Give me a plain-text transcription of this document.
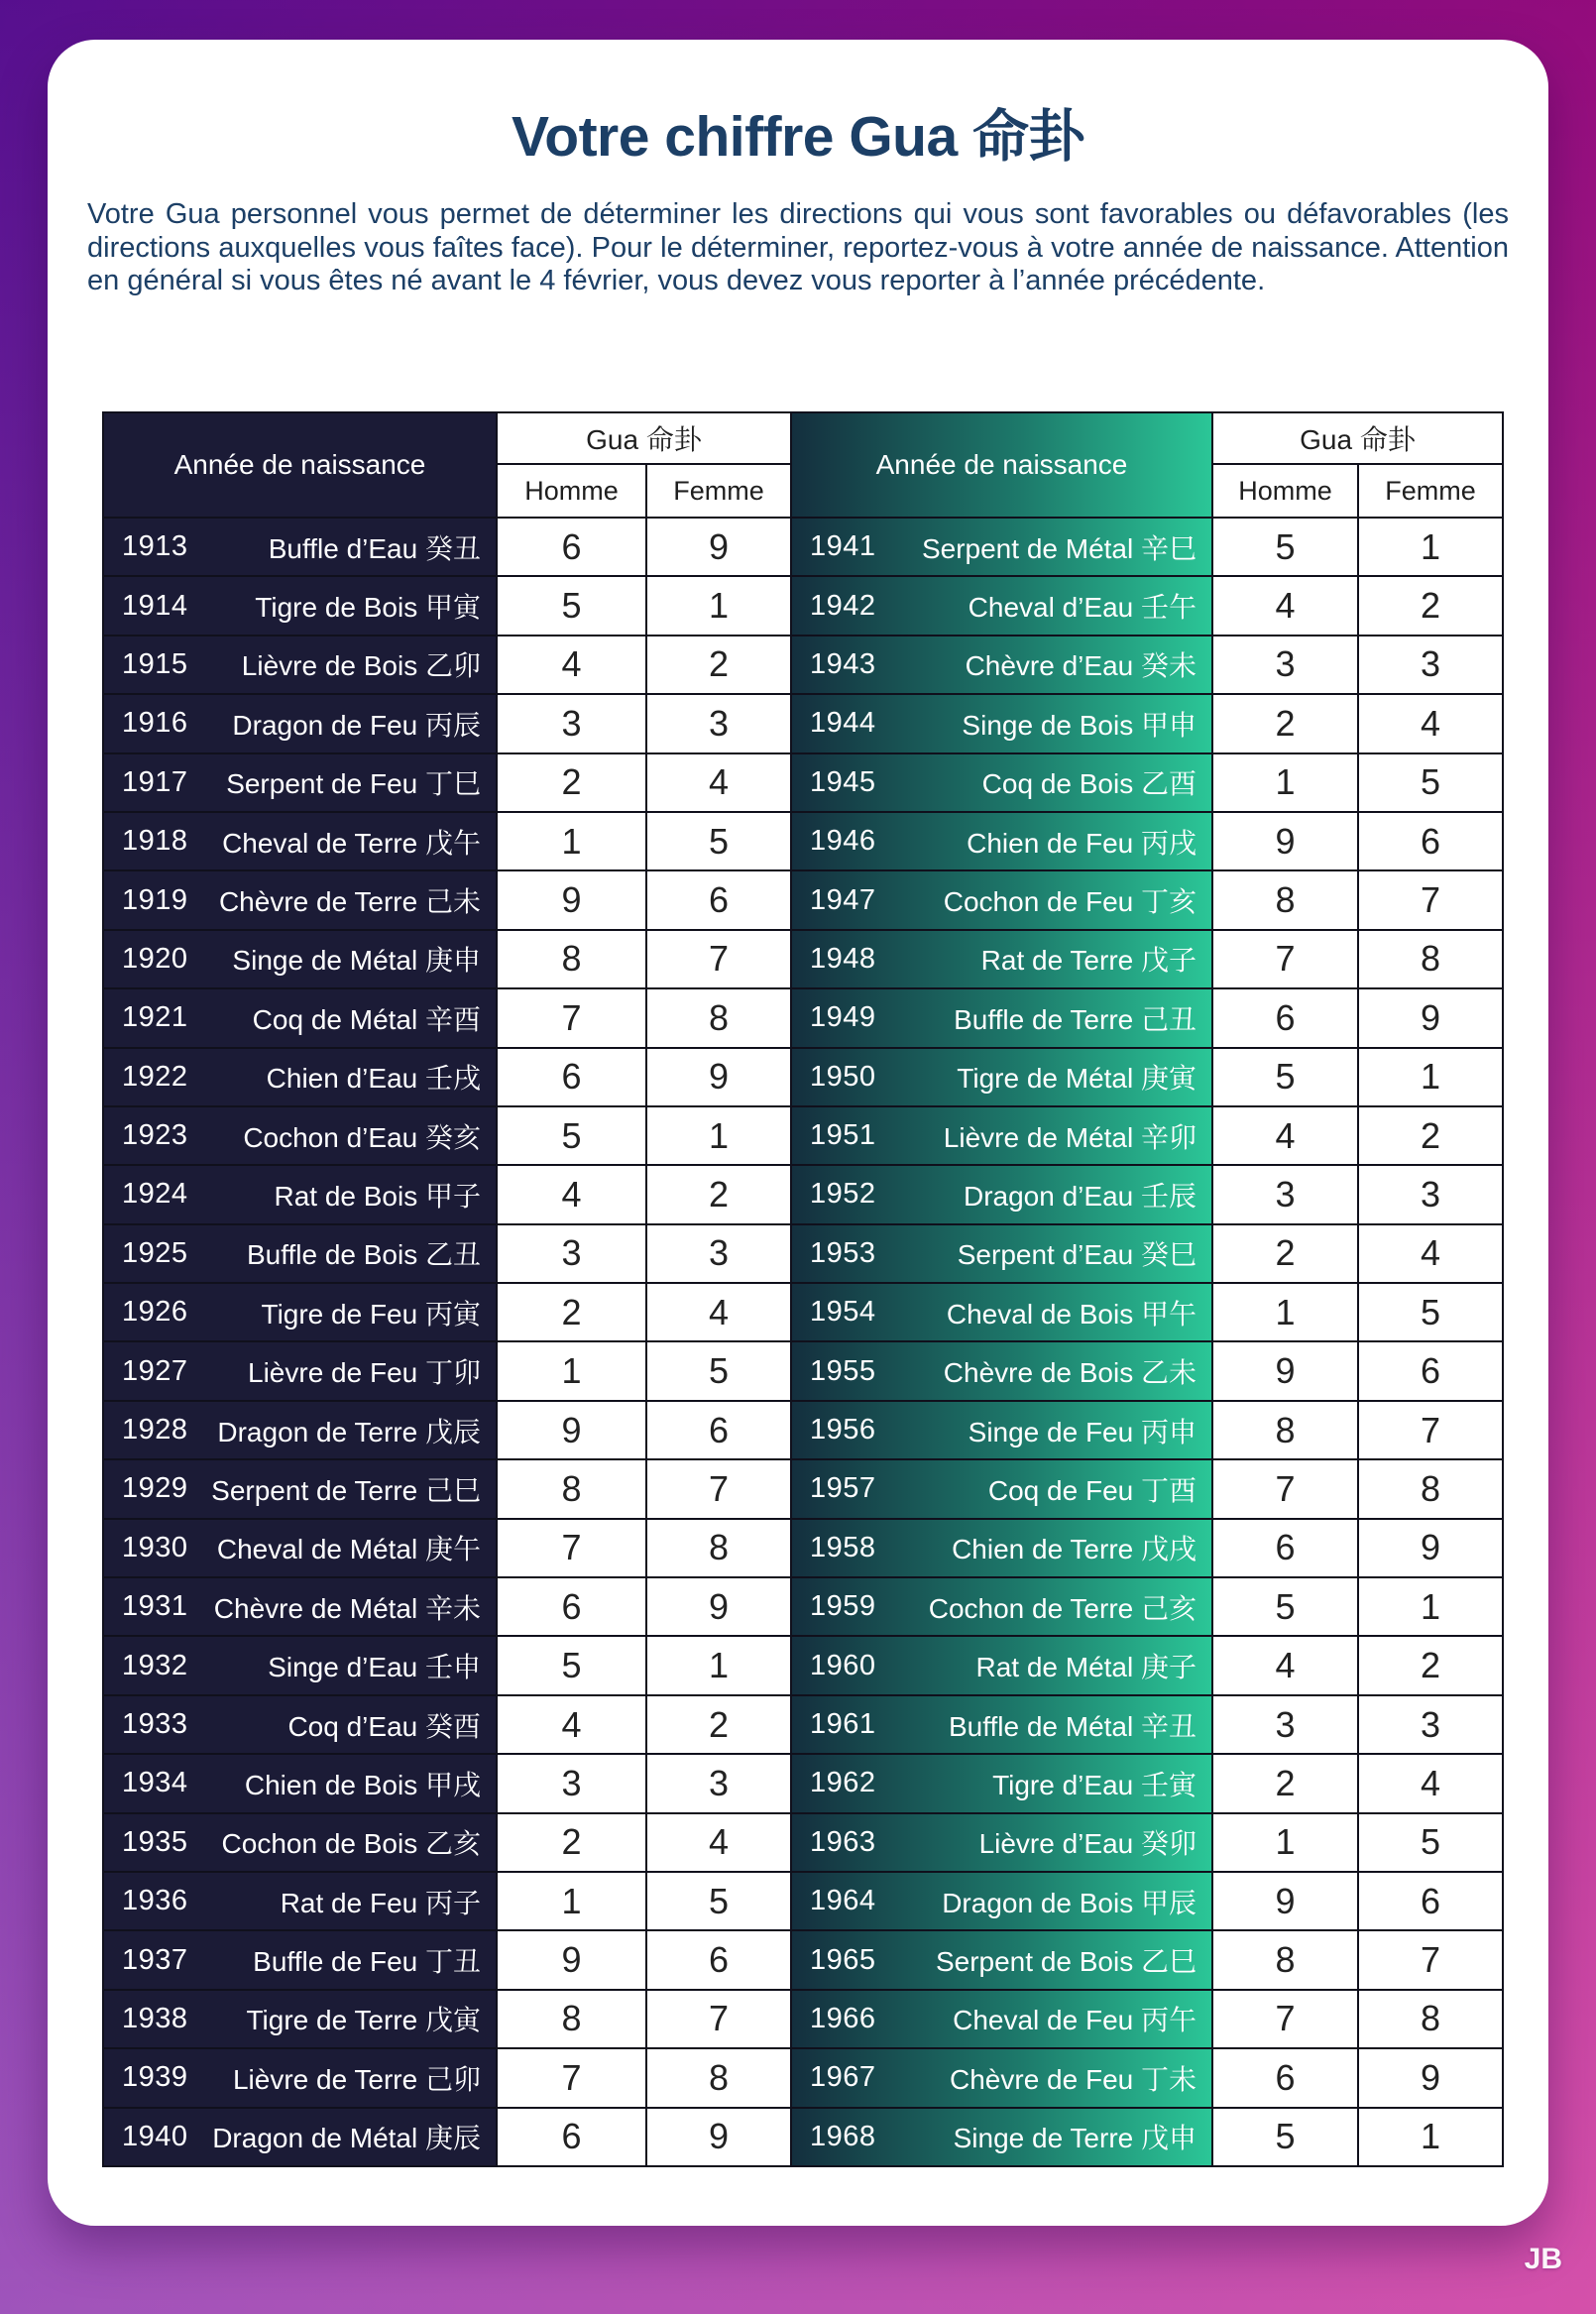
Votre chiffre Gua 命卦

Votre Gua personnel vous permet de déterminer les directions qui vous sont favorables ou défavorables (les directions auxquelles vous faîtes face). Pour le déterminer, reportez-vous à votre année de naissance. Attention en général si vous êtes né avant le 4 février, vous devez vous reporter à l’année précédente.

Année de naissance
Gua 命卦
Homme	Femme
1913	Buffle d’Eau 癸丑	6	9
1914 Tigre de Bois 甲寅	5	1
1915 Lièvre de Bois 乙卯	4	2
1916 Dragon de Feu 丙辰	3	3
1917 Serpent de Feu 丁巳	2	4
1918 Cheval de Terre 戊午	1	5
1919 Chèvre de Terre 己未	9	6
1920 Singe de Métal 庚申	8	7
1921 Coq de Métal 辛酉	7	8
1922	Chien d’Eau 壬戌	6	9
1923 Cochon d’Eau 癸亥	5	1
1924	Rat de Bois 甲子	4	2
1925 Buffle de Bois 乙丑	3	3
1926	Tigre de Feu 丙寅	2	4
1927 Lièvre de Feu 丁卯	1	5
1928 Dragon de Terre 戊辰	9	6
1929 Serpent de Terre 己巳	8	7
1930 Cheval de Métal 庚午	7	8
1931 Chèvre de Métal 辛未	6	9
1932	Singe d’Eau 壬申	5	1
1933	Coq d’Eau 癸酉	4	2
1934 Chien de Bois 甲戌	3	3
1935 Cochon de Bois 乙亥	2	4
1936	Rat de Feu 丙子	1	5
1937 Buffle de Feu 丁丑	9	6
1938 Tigre de Terre 戊寅	8	7
1939 Lièvre de Terre 己卯	7	8
1940 Dragon de Métal 庚辰	6	9
Année de naissance
Gua 命卦
Homme	Femme
1941 Serpent de Métal 辛巳	5	1
1942	Cheval d’Eau 壬午	4	2
1943	Chèvre d’Eau 癸未	3	3
1944	Singe de Bois 甲申	2	4
1945	Coq de Bois 乙酉	1	5
1946	Chien de Feu 丙戌	9	6
1947 Cochon de Feu 丁亥	8	7
1948	Rat de Terre 戊子	7	8
1949	Buffle de Terre 己丑	6	9
1950	Tigre de Métal 庚寅	5	1
1951 Lièvre de Métal 辛卯	4	2
1952	Dragon d’Eau 壬辰	3	3
1953	Serpent d’Eau 癸巳	2	4
1954	Cheval de Bois 甲午	1	5
1955 Chèvre de Bois 乙未	9	6
1956	Singe de Feu 丙申	8	7
1957	Coq de Feu 丁酉	7	8
1958	Chien de Terre 戊戌	6	9
1959 Cochon de Terre 己亥	5	1
1960	Rat de Métal 庚子	4	2
1961	Buffle de Métal 辛丑	3	3
1962	Tigre d’Eau 壬寅	2	4
1963	Lièvre d’Eau 癸卯	1	5
1964 Dragon de Bois 甲辰	9	6
1965 Serpent de Bois 乙巳	8	7
1966	Cheval de Feu 丙午	7	8
1967	Chèvre de Feu 丁未	6	9
1968	Singe de Terre 戊申	5	1
JB
